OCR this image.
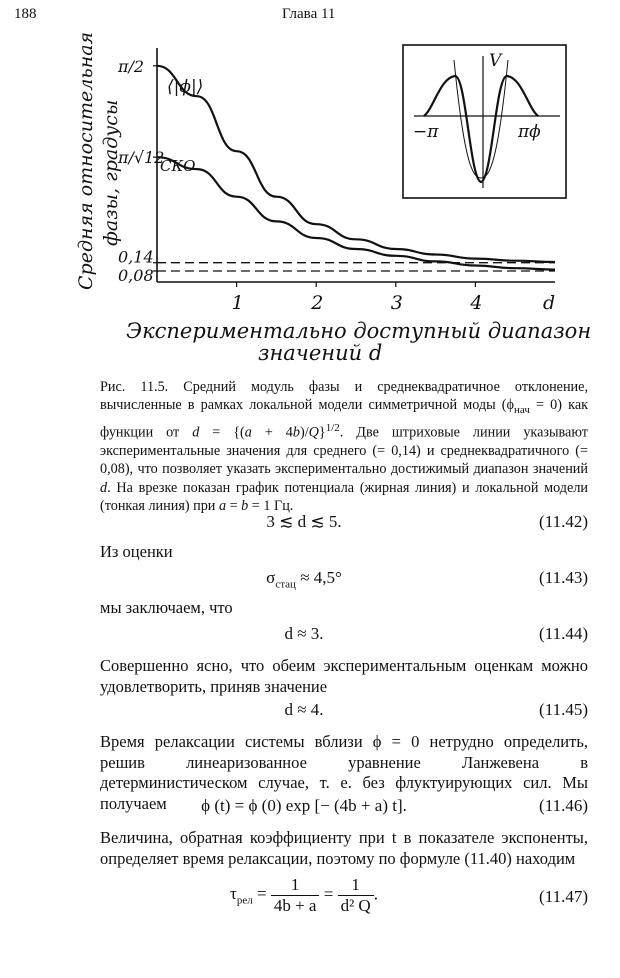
188	Глава 11
Средняя относительная фазы, градусы
1	2	3	4	d
π/2
π/√12
0,14
0,08
⟨|ϕ|⟩
СКО
Экспериментально доступный диапазон
значений d
V
−π	πϕ
Рис. 11.5. Средний модуль фазы и среднеквадратичное отклонение, вычисленные в рамках локальной модели симметричной моды $(\phi_{нач} = 0)$ как функции от $d = \{(a + 4b)/Q\}^{1/2}$. Две штриховые линии указывают экспериментальные значения для среднего (= 0,14) и среднеквадратичного (= 0,08), что позволяет указать экспериментально достижимый диапазон значений d. На врезке показан график потенциала (жирная линия) и локальной модели (тонкая линия) при a = b = 1 Гц.
3 ≲ d ≲ 5.	(11.42)
Из оценки
$\sigma_{стац} \approx 4,5^\circ$	(11.43)
мы заключаем, что
d ≈ 3.	(11.44)
Совершенно ясно, что обеим экспериментальным оценкам можно удовлетворить, приняв значение
d ≈ 4.	(11.45)
Время релаксации системы вблизи ϕ = 0 нетрудно определить, решив линеаризованное уравнение Ланжевена в детерминистическом случае, т. е. без флуктуирующих сил. Мы получаем	ϕ (t) = ϕ (0) exp [− (4b + a) t].	(11.46)
Величина, обратная коэффициенту при t в показателе экспоненты, определяет время релаксации, поэтому по формуле (11.40) находим
$\tau_{рел} = \frac{1}{4b + a} = \frac{1}{\text{d² Q}}$ .	(11.47)
